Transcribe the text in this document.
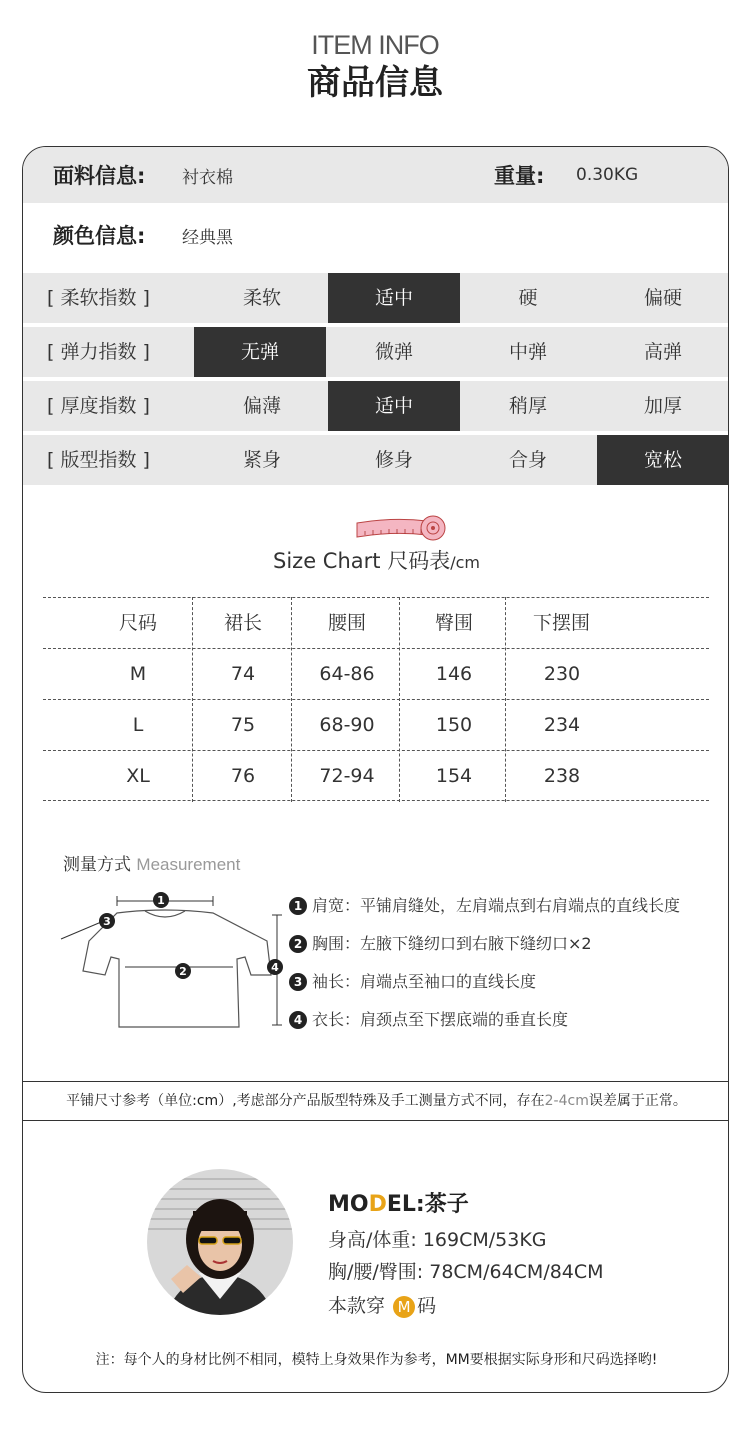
ITEM INFO
商品信息
面料信息: 衬衣棉	重量: 0.30KG
颜色信息: 经典黑
[ 柔软指数 ]	柔软	适中	硬	偏硬
[ 弹力指数 ]	无弹	微弹	中弹	高弹
[ 厚度指数 ]	偏薄	适中	稍厚	加厚
[ 版型指数 ]	紧身	修身	合身	宽松
Size Chart 尺码表/cm
尺码	裙长	腰围	臀围	下摆围
M	74	64-86	146	230
L	75	68-90	150	234
XL	76	72-94	154	238
测量方式 Measurement
1
3
2	4
1 肩宽：平铺肩缝处，左肩端点到右肩端点的直线长度
2 胸围：左腋下缝纫口到右腋下缝纫口×2
3 袖长：肩端点至袖口的直线长度
4 衣长：肩颈点至下摆底端的垂直长度
平铺尺寸参考（单位:cm）,考虑部分产品版型特殊及手工测量方式不同，存在2-4cm误差属于正常。
MODEL:茶子
身高/体重: 169CM/53KG
胸/腰/臀围: 78CM/64CM/84CM
本款穿 M 码
注：每个人的身材比例不相同，模特上身效果作为参考，MM要根据实际身形和尺码选择哟!
